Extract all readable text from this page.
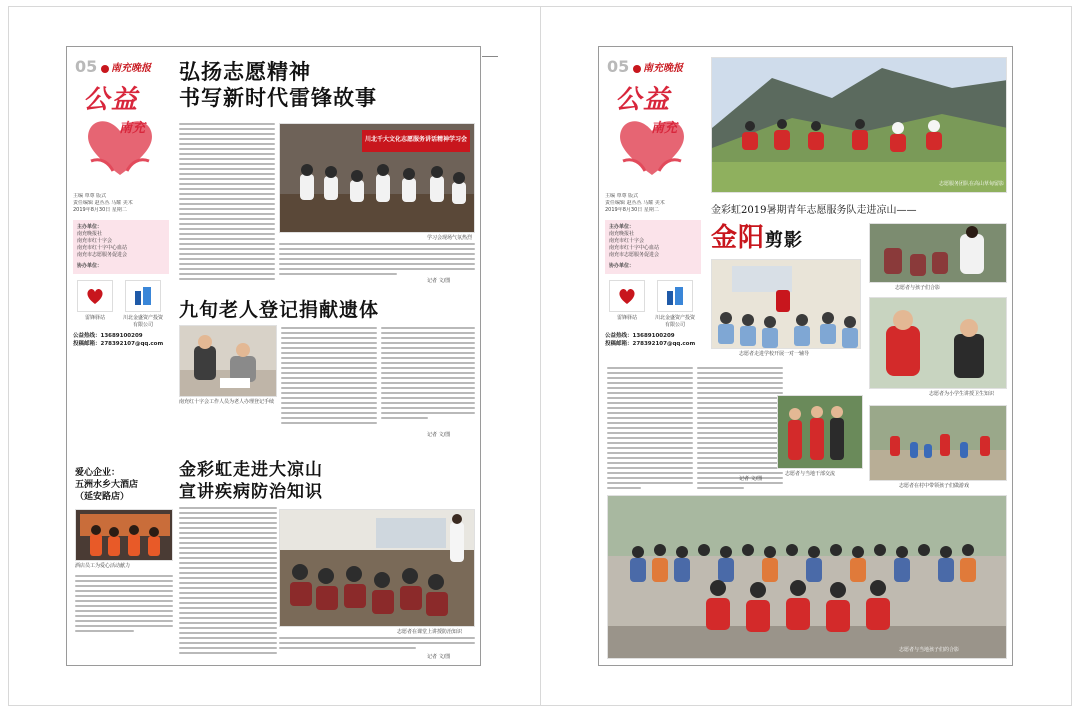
05	南充晚报
公益
南充
主编 覃尊 版式
责任编辑 赵丛丛 马耀 美术
2019年8月30日 星期二
主办单位：
南充晚报社
南充市红十字会
南充市红十字中心血站
南充市志愿服务促进会
协办单位：
雷锋驿站	川北金盛资产投资有限公司
公益热线：13689100209
投稿邮箱：278392107@qq.com
弘扬志愿精神
书写新时代雷锋故事
川北千大文化志愿服务讲话精神学习会
学习会现场气氛热烈
记者 文/图
九旬老人登记捐献遗体
南充红十字会工作人员为老人办理登记手续
记者 文/图
金彩虹走进大凉山
宣讲疾病防治知识
志愿者在课堂上讲授防治知识
记者 文/图
爱心企业：
五洲水乡大酒店
（延安路店）
酒店员工为爱心活动献力
05	南充晚报
公益
南充
主编 覃尊 版式
责任编辑 赵丛丛 马耀 美术
2019年8月30日 星期二
主办单位：
南充晚报社
南充市红十字会
南充市红十字中心血站
南充市志愿服务促进会
协办单位：
雷锋驿站	川北金盛资产投资有限公司
公益热线：13689100209
投稿邮箱：278392107@qq.com
志愿服务团队在高山草甸留影
金彩虹2019暑期青年志愿服务队走进凉山——
金阳剪影
志愿者与孩子们合影
志愿者走进学校开展一对一辅导
志愿者为小学生讲授卫生知识
志愿者与当地干部交流
志愿者在村中带领孩子们做游戏
记者 文/图
志愿者与当地孩子们的合影
